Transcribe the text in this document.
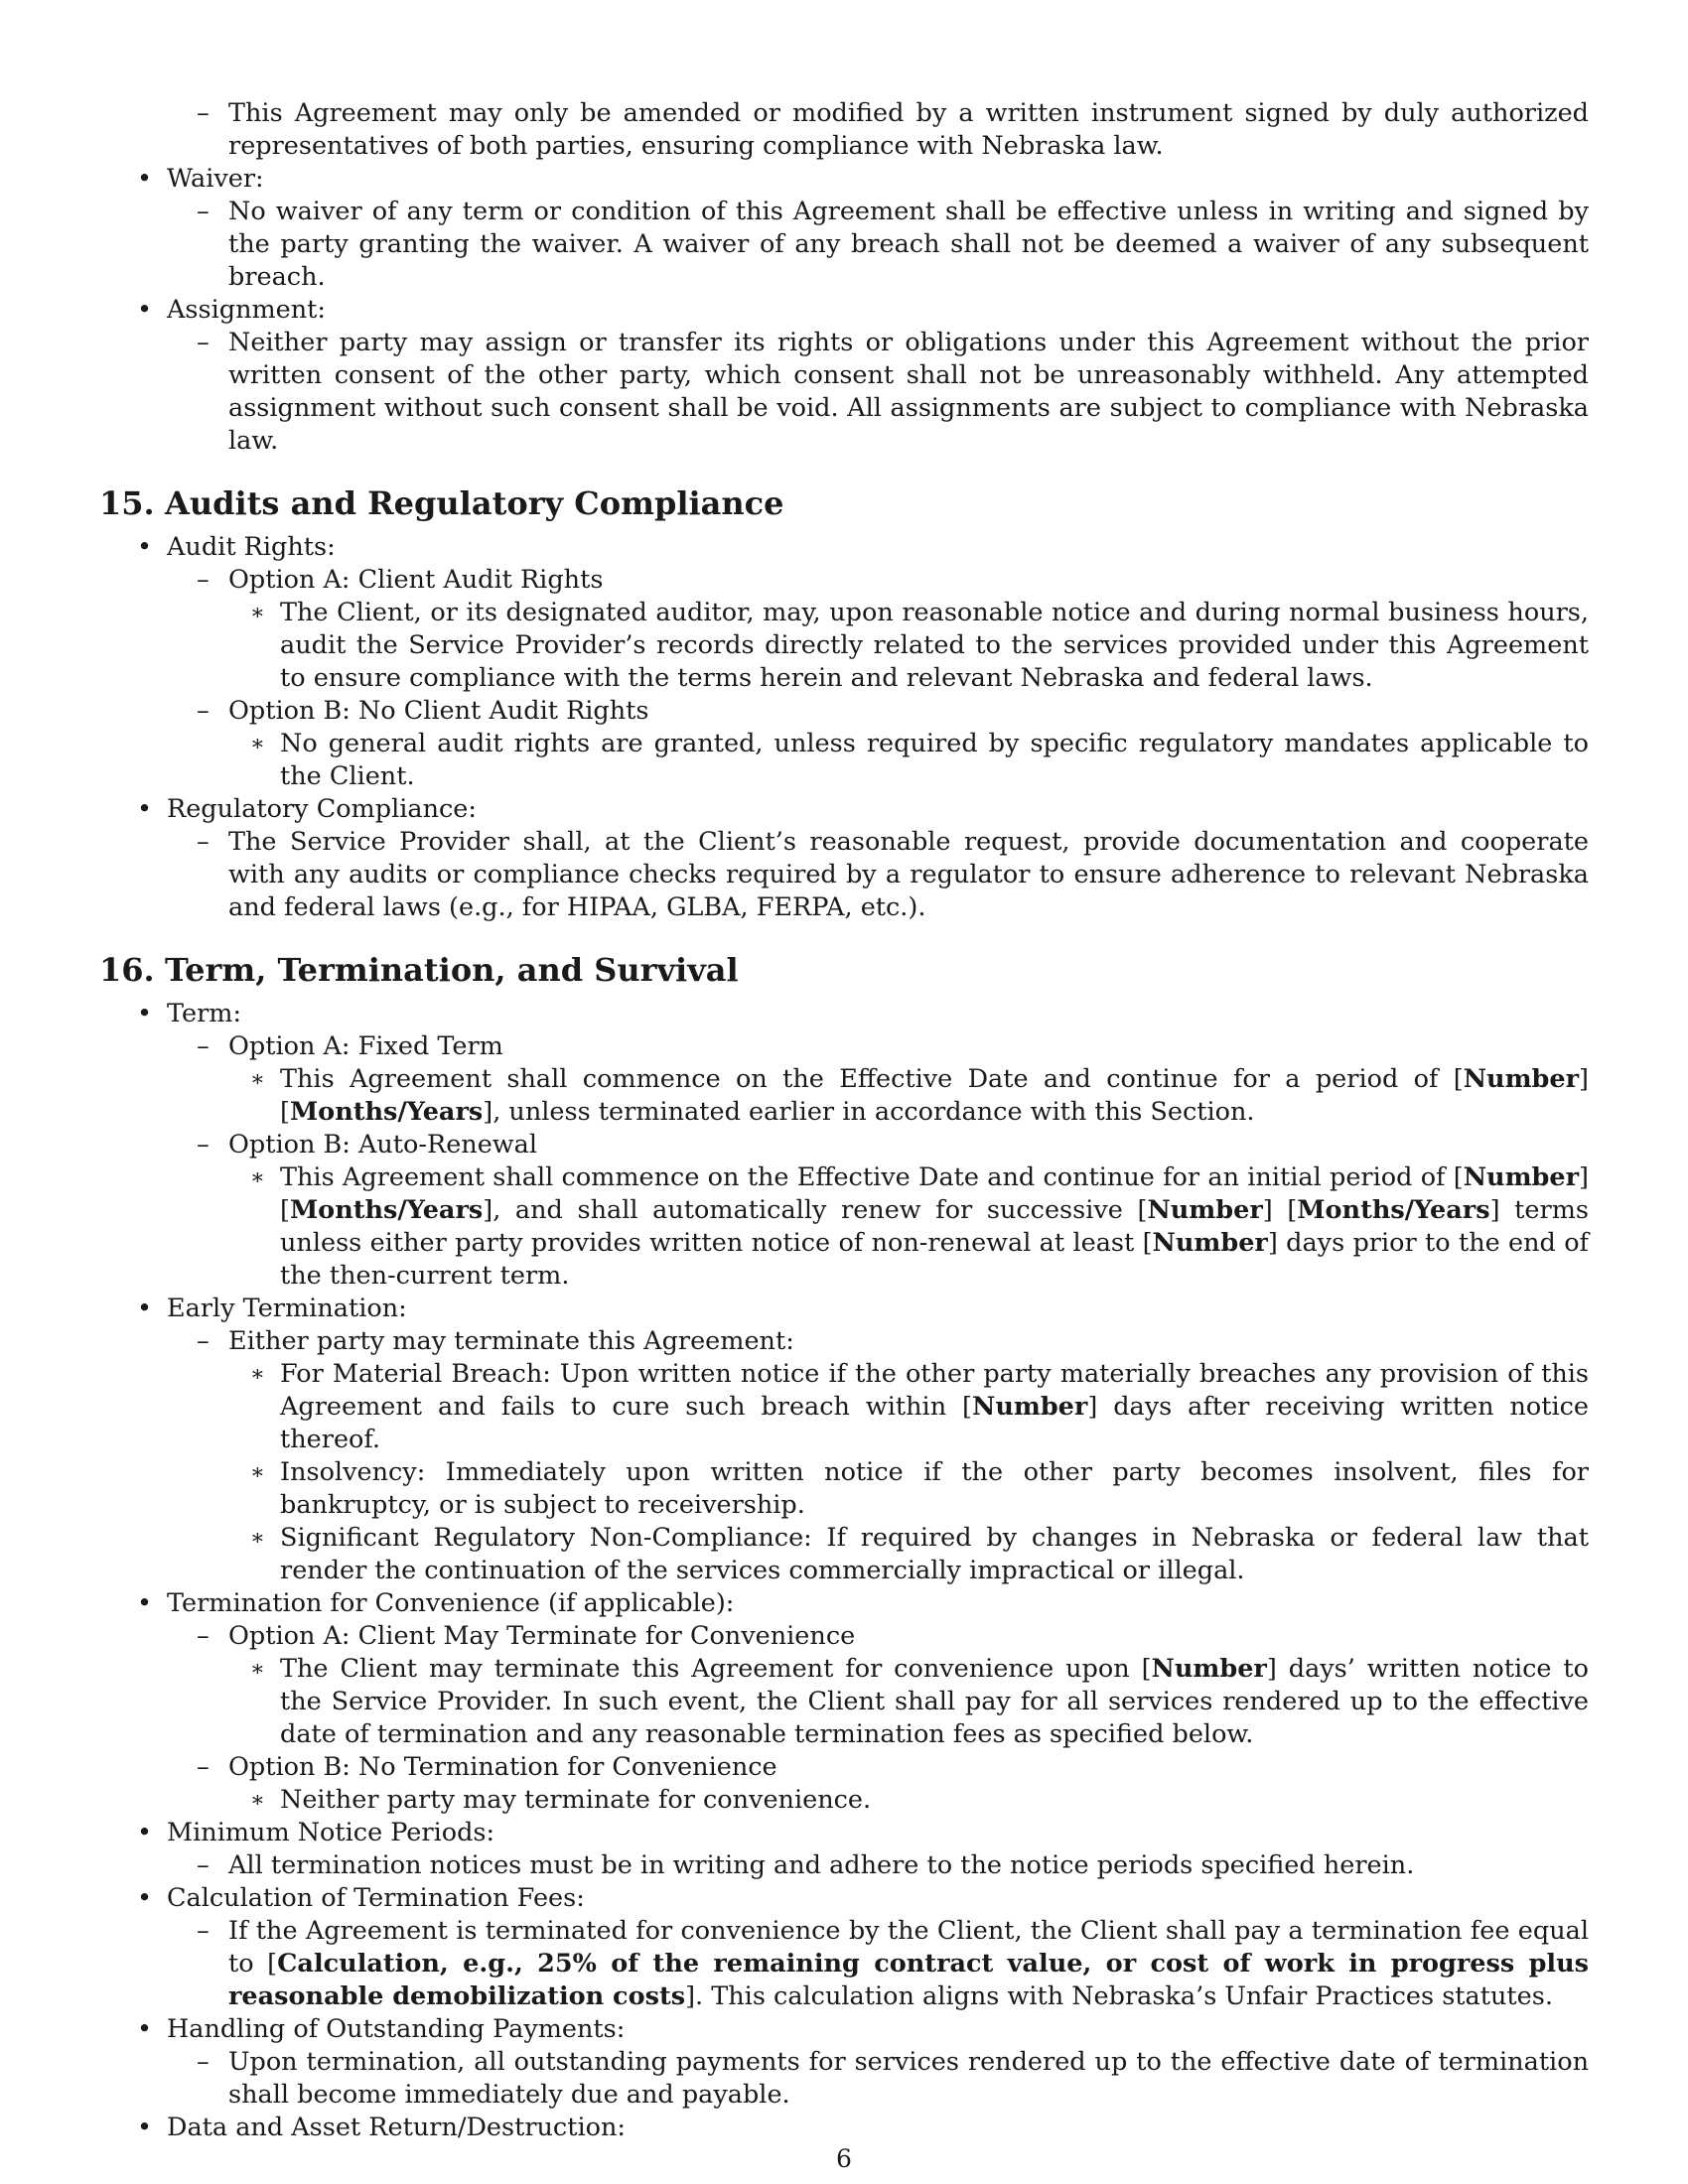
– This Agreement may only be amended or modified by a written instrument signed by duly authorized representatives of both parties, ensuring compliance with Nebraska law.
• Waiver:
– No waiver of any term or condition of this Agreement shall be effective unless in writing and signed by the party granting the waiver. A waiver of any breach shall not be deemed a waiver of any subsequent breach.
• Assignment:
– Neither party may assign or transfer its rights or obligations under this Agreement without the prior written consent of the other party, which consent shall not be unreasonably withheld. Any attempted assignment without such consent shall be void. All assignments are subject to compliance with Nebraska law.
15. Audits and Regulatory Compliance
• Audit Rights:
– Option A: Client Audit Rights
∗ The Client, or its designated auditor, may, upon reasonable notice and during normal business hours, audit the Service Provider’s records directly related to the services provided under this Agreement to ensure compliance with the terms herein and relevant Nebraska and federal laws.
– Option B: No Client Audit Rights
∗ No general audit rights are granted, unless required by specific regulatory mandates applicable to the Client.
• Regulatory Compliance:
– The Service Provider shall, at the Client’s reasonable request, provide documentation and cooperate with any audits or compliance checks required by a regulator to ensure adherence to relevant Nebraska and federal laws (e.g., for HIPAA, GLBA, FERPA, etc.).
16. Term, Termination, and Survival
• Term:
– Option A: Fixed Term
∗ This Agreement shall commence on the Effective Date and continue for a period of [Number] [Months/Years], unless terminated earlier in accordance with this Section.
– Option B: Auto-Renewal
∗ This Agreement shall commence on the Effective Date and continue for an initial period of [Number] [Months/Years], and shall automatically renew for successive [Number] [Months/Years] terms unless either party provides written notice of non-renewal at least [Number] days prior to the end of the then-current term.
• Early Termination:
– Either party may terminate this Agreement:
∗ For Material Breach: Upon written notice if the other party materially breaches any provision of this Agreement and fails to cure such breach within [Number] days after receiving written notice thereof.
∗ Insolvency: Immediately upon written notice if the other party becomes insolvent, files for bankruptcy, or is subject to receivership.
∗ Significant Regulatory Non-Compliance: If required by changes in Nebraska or federal law that render the continuation of the services commercially impractical or illegal.
• Termination for Convenience (if applicable):
– Option A: Client May Terminate for Convenience
∗ The Client may terminate this Agreement for convenience upon [Number] days’ written notice to the Service Provider. In such event, the Client shall pay for all services rendered up to the effective date of termination and any reasonable termination fees as specified below.
– Option B: No Termination for Convenience
∗ Neither party may terminate for convenience.
• Minimum Notice Periods:
– All termination notices must be in writing and adhere to the notice periods specified herein.
• Calculation of Termination Fees:
– If the Agreement is terminated for convenience by the Client, the Client shall pay a termination fee equal to [Calculation, e.g., 25% of the remaining contract value, or cost of work in progress plus reasonable demobilization costs]. This calculation aligns with Nebraska’s Unfair Practices statutes.
• Handling of Outstanding Payments:
– Upon termination, all outstanding payments for services rendered up to the effective date of termination shall become immediately due and payable.
• Data and Asset Return/Destruction:
6
